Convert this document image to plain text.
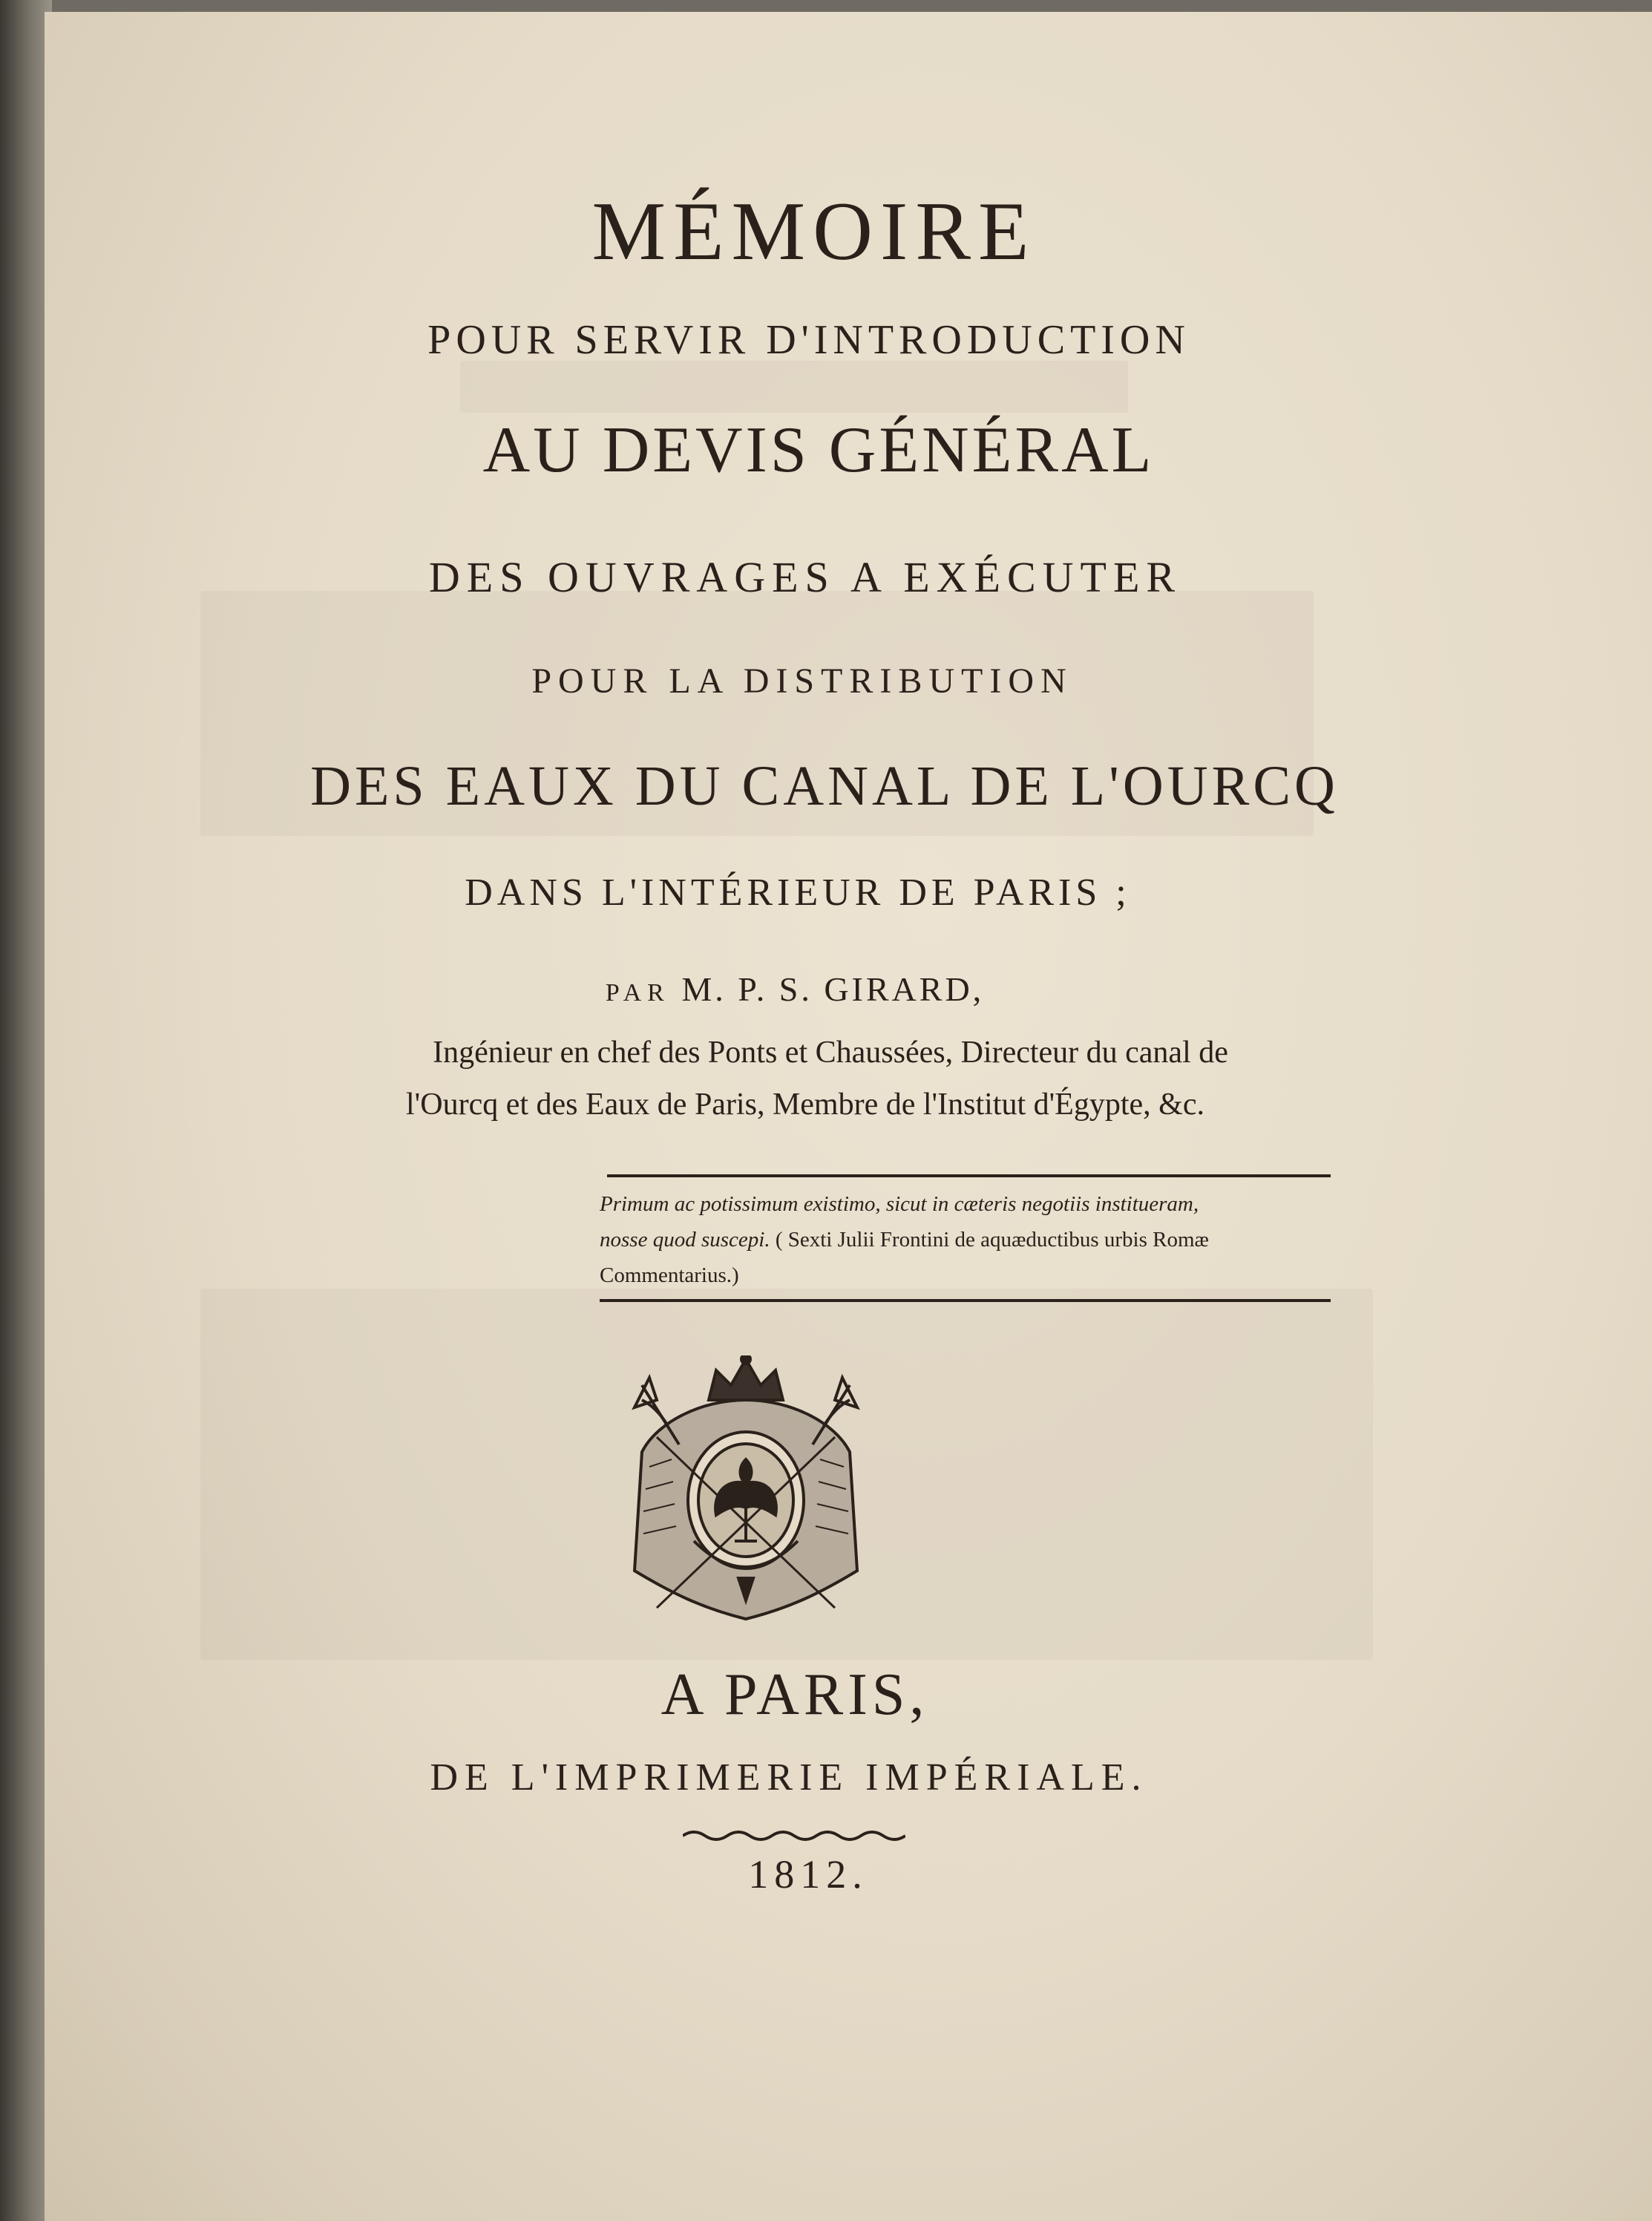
MÉMOIRE
POUR SERVIR D'INTRODUCTION
AU DEVIS GÉNÉRAL
DES OUVRAGES A EXÉCUTER
POUR LA DISTRIBUTION
DES EAUX DU CANAL DE L'OURCQ
DANS L'INTÉRIEUR DE PARIS ;
PAR M. P. S. GIRARD,
Ingénieur en chef des Ponts et Chaussées, Directeur du canal de
l'Ourcq et des Eaux de Paris, Membre de l'Institut d'Égypte, &c.
Primum ac potissimum existimo, sicut in cæteris negotiis institueram,
nosse quod suscepi. ( Sexti Julii Frontini de aquæductibus urbis Romæ Commentarius.)
A PARIS,
DE L'IMPRIMERIE IMPÉRIALE.
1812.
